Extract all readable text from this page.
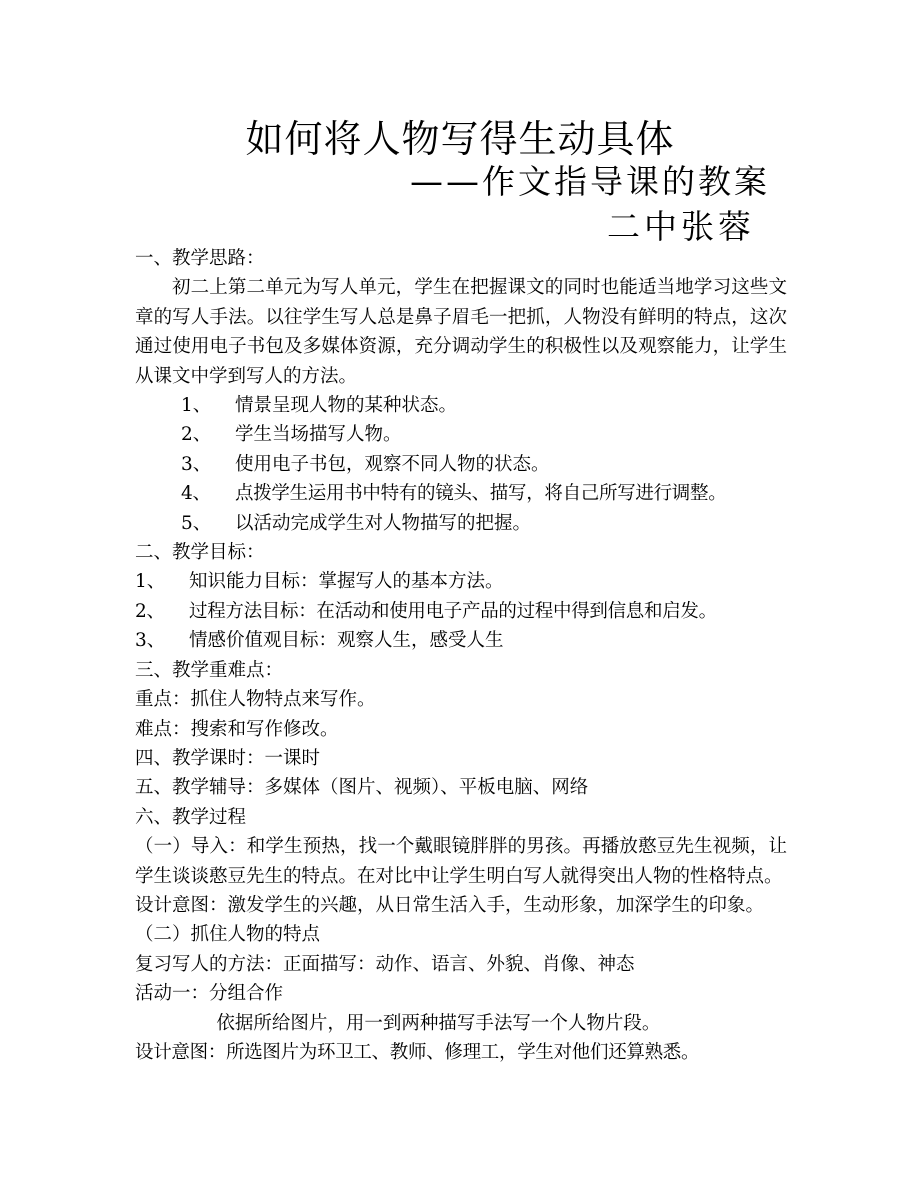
如何将人物写得生动具体
——作文指导课的教案
二中张蓉

一、教学思路：

初二上第二单元为写人单元，学生在把握课文的同时也能适当地学习这些文章的写人手法。以往学生写人总是鼻子眉毛一把抓，人物没有鲜明的特点，这次通过使用电子书包及多媒体资源，充分调动学生的积极性以及观察能力，让学生从课文中学到写人的方法。

1、 情景呈现人物的某种状态。

2、 学生当场描写人物。

3、 使用电子书包，观察不同人物的状态。

4、 点拨学生运用书中特有的镜头、描写，将自己所写进行调整。

5、 以活动完成学生对人物描写的把握。

二、教学目标：

1、 知识能力目标：掌握写人的基本方法。

2、 过程方法目标：在活动和使用电子产品的过程中得到信息和启发。

3、 情感价值观目标：观察人生，感受人生

三、教学重难点：

重点：抓住人物特点来写作。

难点：搜索和写作修改。

四、教学课时：一课时

五、教学辅导：多媒体（图片、视频）、平板电脑、网络

六、教学过程

（一）导入：和学生预热，找一个戴眼镜胖胖的男孩。再播放憨豆先生视频，让学生谈谈憨豆先生的特点。在对比中让学生明白写人就得突出人物的性格特点。

设计意图：激发学生的兴趣，从日常生活入手，生动形象，加深学生的印象。

（二）抓住人物的特点

复习写人的方法：正面描写：动作、语言、外貌、肖像、神态

活动一：分组合作

依据所给图片，用一到两种描写手法写一个人物片段。

设计意图：所选图片为环卫工、教师、修理工，学生对他们还算熟悉。
